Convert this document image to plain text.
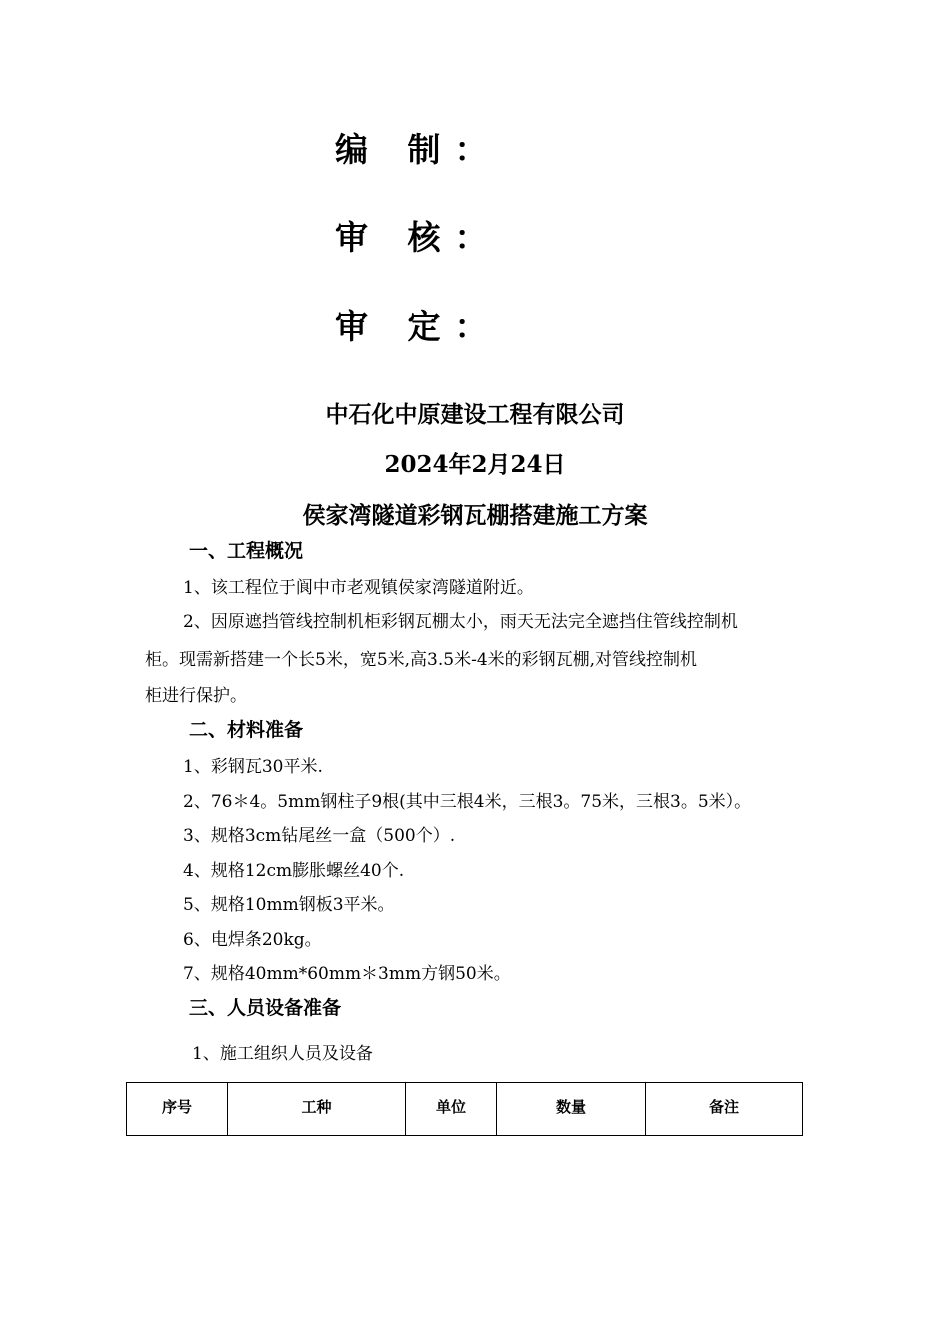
编 制：
审 核：
审 定：
中石化中原建设工程有限公司
2024年2月24日
侯家湾隧道彩钢瓦棚搭建施工方案
一、工程概况
1、该工程位于阆中市老观镇侯家湾隧道附近。
2、因原遮挡管线控制机柜彩钢瓦棚太小，雨天无法完全遮挡住管线控制机
柜。现需新搭建一个长5米，宽5米,高3.5米-4米的彩钢瓦棚,对管线控制机
柜进行保护。
二、材料准备
1、彩钢瓦30平米.
2、76＊4。5mm钢柱子9根(其中三根4米，三根3。75米，三根3。5米）。
3、规格3cm钻尾丝一盒（500个）.
4、规格12cm膨胀螺丝40个.
5、规格10mm钢板3平米。
6、电焊条20kg。
7、规格40mm*60mm＊3mm方钢50米。
三、人员设备准备
1、施工组织人员及设备
序号	工种	单位	数量	备注
